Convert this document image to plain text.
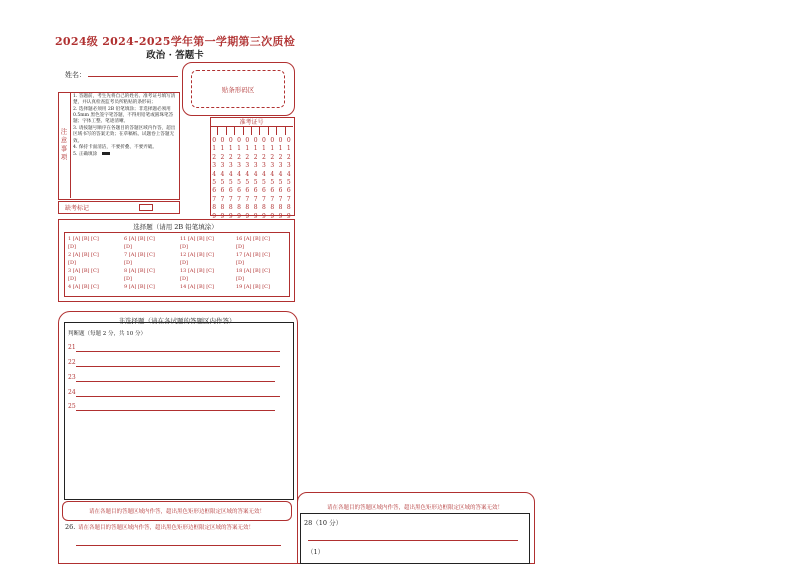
2024级 2024-2025学年第一学期第三次质检
政治 · 答题卡
姓名：
贴条形码区
注意事项
1. 答题前，考生先将自己的姓名、准考证号填写清楚，并认真检查监考员所粘贴的条形码；
2. 选择题必须用 2B 铅笔填涂；非选择题必须用 0.5mm 黑色签字笔答题，不得用铅笔或圆珠笔答题；字体工整、笔迹清晰。
3. 请按题号顺序在各题目的答题区域内作答，超出区域书写的答案无效；在草稿纸、试题卷上答题无效。
4. 保持卡面清洁，不要折叠、不要弄破。
5. 正确填涂
缺考标记
准考证号
0
1
2
3
4
5
6
7
8
9
0
1
2
3
4
5
6
7
8
9
0
1
2
3
4
5
6
7
8
9
0
1
2
3
4
5
6
7
8
9
0
1
2
3
4
5
6
7
8
9
0
1
2
3
4
5
6
7
8
9
0
1
2
3
4
5
6
7
8
9
0
1
2
3
4
5
6
7
8
9
0
1
2
3
4
5
6
7
8
9
0
1
2
3
4
5
6
7
8
9
选择题（请用 2B 铅笔填涂）
1 [A] [B] [C]
[D]
2 [A] [B] [C]
[D]
3 [A] [B] [C]
[D]
4 [A] [B] [C]
6 [A] [B] [C]
[D]
7 [A] [B] [C]
[D]
8 [A] [B] [C]
[D]
9 [A] [B] [C]
11 [A] [B] [C]
[D]
12 [A] [B] [C]
[D]
13 [A] [B] [C]
[D]
14 [A] [B] [C]
16 [A] [B] [C]
[D]
17 [A] [B] [C]
[D]
18 [A] [B] [C]
[D]
19 [A] [B] [C]
非选择题（请在各试题的答题区内作答）
判断题（每题 2 分，共 10 分）
21
22
23
24
25
请在各题目的答题区域内作答，超出黑色矩形边框限定区域的答案无效！
26. 请在各题目的答题区域内作答，超出黑色矩形边框限定区域的答案无效！
请在各题目的答题区域内作答，超出黑色矩形边框限定区域的答案无效！
28（10 分）
（1）
